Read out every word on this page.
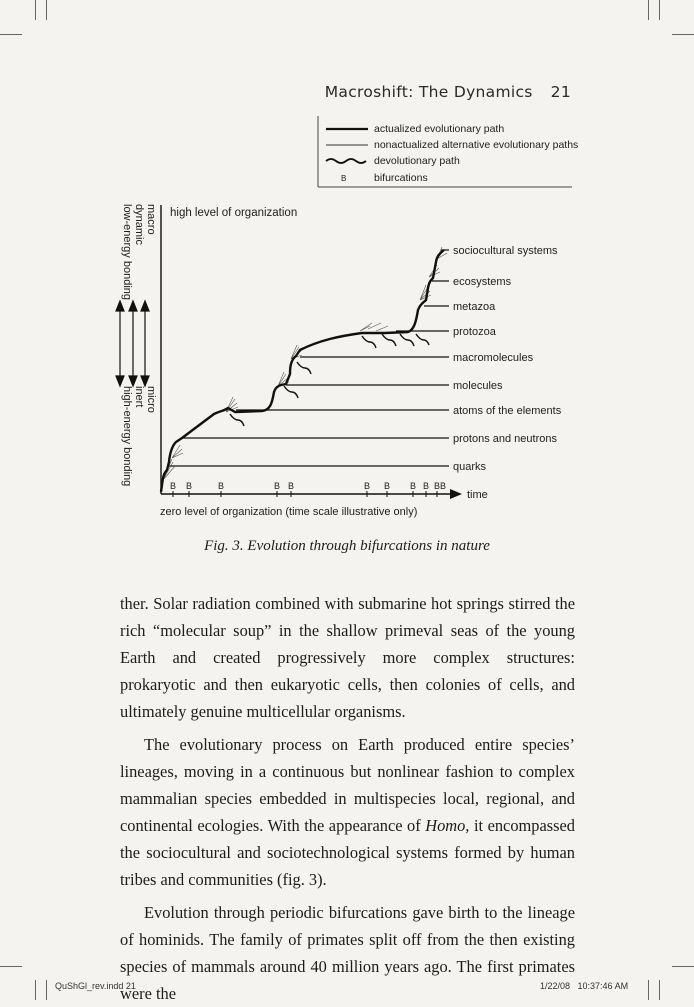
Macroshift: The Dynamics 21
B
actualized evolutionary path
nonactualized alternative evolutionary paths
devolutionary path
bifurcations
macro
dynamic
low-energy bonding
micro
inert
high-energy bonding
high level of organization
time
zero level of organization (time scale illustrative only)
sociocultural systems
ecosystems
metazoa
protozoa
macromolecules
molecules
atoms of the elements
protons and neutrons
quarks
B B	B	B B	B B B B BB
Fig. 3. Evolution through bifurcations in nature

ther. Solar radiation combined with submarine hot springs stirred the rich “molecular soup” in the shallow primeval seas of the young Earth and created progressively more complex structures: prokaryotic and then eukaryotic cells, then colonies of cells, and ultimately genuine multicellular organisms.

The evolutionary process on Earth produced entire species’ lineages, moving in a continuous but nonlinear fashion to complex mammalian species embedded in multispecies local, regional, and continental ecologies. With the appearance of Homo, it encompassed the sociocultural and sociotechnological systems formed by human tribes and communities (fig. 3).

Evolution through periodic bifurcations gave birth to the lineage of hominids. The family of primates split off from the then existing species of mammals around 40 million years ago. The first primates were the

QuShGl_rev.indd 21	1/22/08   10:37:46 AM
